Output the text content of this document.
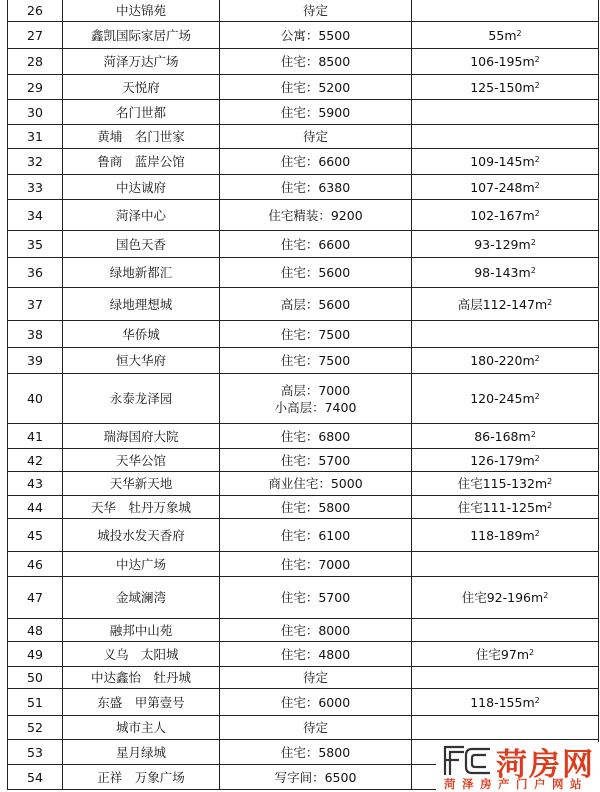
26	中达锦苑	待定	

27	鑫凯国际家居广场	公寓：5500	$55m^2$
28	菏泽万达广场	住宅：8500	$106-195m^2$
29	天悦府	住宅：5200	$125-150m^2$
30	名门世都	住宅：5900	

31	黄埔　名门世家	待定	

32	鲁商　蓝岸公馆	住宅：6600	$109-145m^2$
33	中达诚府	住宅：6380	$107-248m^2$
34	菏泽中心	住宅精装：9200	$102-167m^2$
35	国色天香	住宅：6600	$93-129m^2$
36	绿地新都汇	住宅：5600	$98-143m^2$
37	绿地理想城	高层：5600	高层$112-147m^2$
38	华侨城	住宅：7500	

39	恒大华府	住宅：7500	$180-220m^2$
40	永泰龙泽园	高层：7000
小高层：7400	$120-245m^2$
41	瑞海国府大院	住宅：6800	$86-168m^2$
42	天华公馆	住宅：5700	$126-179m^2$
43	天华新天地	商业住宅：5000	住宅$115-132m^2$
44	天华　牡丹万象城	住宅：5800	住宅$111-125m^2$
45	城投水发天香府	住宅：6100	$118-189m^2$
46	中达广场	住宅：7000	

47	金域澜湾	住宅：5700	住宅$92-196m^2$
48	融邦中山苑	住宅：8000	

49	义乌　太阳城	住宅：4800	住宅$97m^2$
50	中达鑫怡　牡丹城	待定	

51	东盛　甲第壹号	住宅：6000	$118-155m^2$
52	城市主人	待定	

53	星月绿城	住宅：5800	

54	正祥　万象广场	写字间：6500	
		菏房网
菏泽房产门户网站
